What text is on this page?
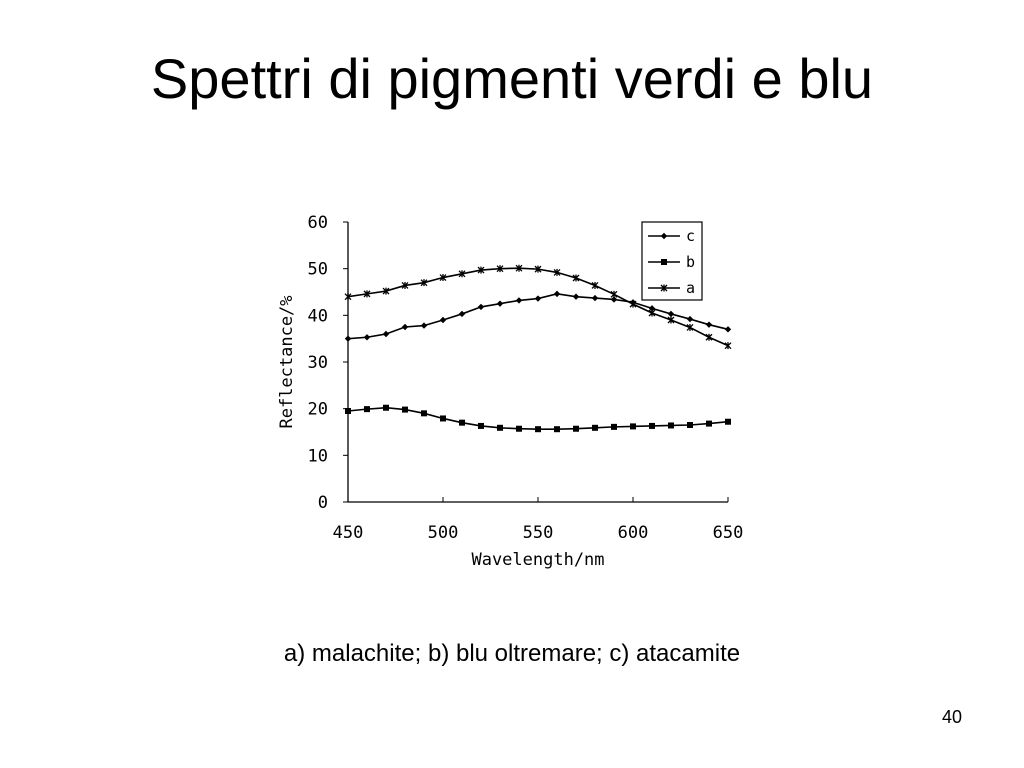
Spettri di pigmenti verdi e blu
0
10
20
30
40
50
60
450	500	550	600	650
Wavelength/nm
Reflectance/%
c
b
a
a) malachite; b) blu oltremare; c) atacamite
40
